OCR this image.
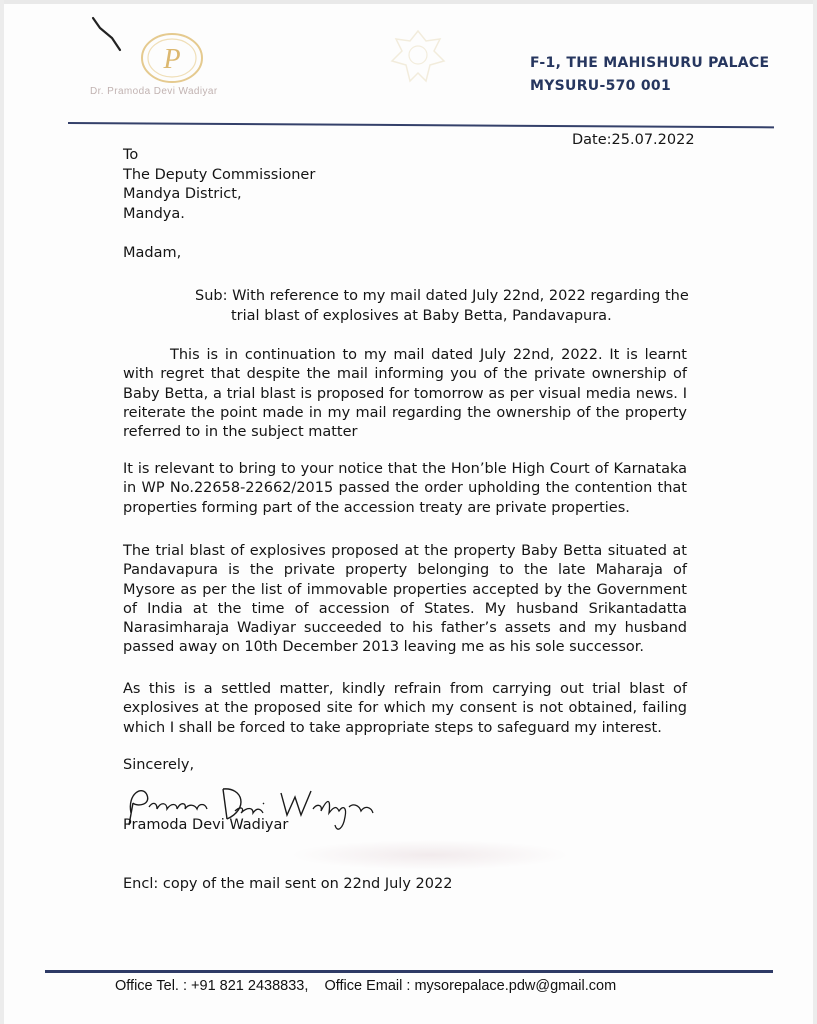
P
Dr. Pramoda Devi Wadiyar
F-1, THE MAHISHURU PALACE
MYSURU-570 001
Date:25.07.2022
To
The Deputy Commissioner
Mandya District,
Mandya.
Madam,
Sub: With reference to my mail dated July 22nd, 2022 regarding the
trial blast of explosives at Baby Betta, Pandavapura.
This is in continuation to my mail dated July 22nd, 2022. It is learnt with regret that despite the mail informing you of the private ownership of Baby Betta, a trial blast is proposed for tomorrow as per visual media news. I reiterate the point made in my mail regarding the ownership of the property referred to in the subject matter
It is relevant to bring to your notice that the Hon’ble High Court of Karnataka in WP No.22658-22662/2015 passed the order upholding the contention that properties forming part of the accession treaty are private properties.
The trial blast of explosives proposed at the property Baby Betta situated at Pandavapura is the private property belonging to the late Maharaja of Mysore as per the list of immovable properties accepted by the Government of India at the time of accession of States. My husband Srikantadatta Narasimharaja Wadiyar succeeded to his father’s assets and my husband passed away on 10th December 2013 leaving me as his sole successor.
As this is a settled matter, kindly refrain from carrying out trial blast of explosives at the proposed site for which my consent is not obtained, failing which I shall be forced to take appropriate steps to safeguard my interest.
Sincerely,
Pramoda Devi Wadiyar
Encl: copy of the mail sent on 22nd July 2022
Office Tel. : +91 821 2438833, Office Email : mysorepalace.pdw@gmail.com
